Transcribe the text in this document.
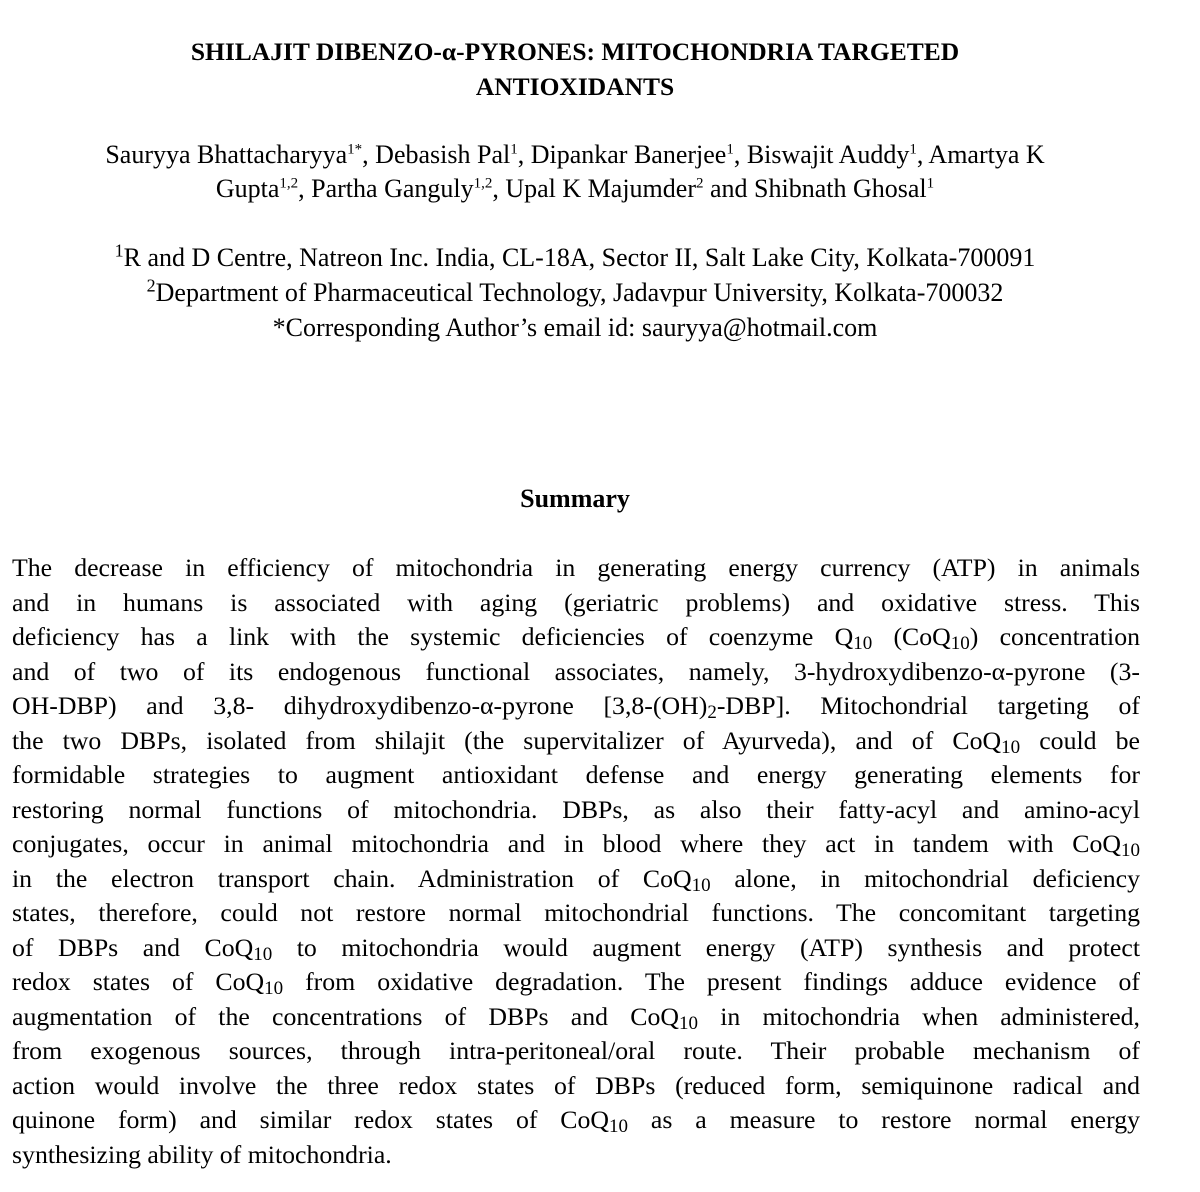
SHILAJIT DIBENZO-α-PYRONES: MITOCHONDRIA TARGETED
ANTIOXIDANTS
Sauryya Bhattacharyya$^{1*}$, Debasish Pal$^1$, Dipankar Banerjee$^1$, Biswajit Auddy$^1$, Amartya K
Gupta$^{1,2}$, Partha Ganguly$^{1,2}$, Upal K Majumder$^2$ and Shibnath Ghosal$^1$
$^1$R and D Centre, Natreon Inc. India, CL-18A, Sector II, Salt Lake City, Kolkata-700091
$^2$Department of Pharmaceutical Technology, Jadavpur University, Kolkata-700032
*Corresponding Author’s email id: sauryya@hotmail.com
Summary
The decrease in efficiency of mitochondria in generating energy currency (ATP) in animals
and in humans is associated with aging (geriatric problems) and oxidative stress. This
deficiency has a link with the systemic deficiencies of coenzyme $Q_{10}$ (CoQ$_{10}$) concentration
and of two of its endogenous functional associates, namely, 3-hydroxydibenzo-α-pyrone (3-
OH-DBP) and 3,8- dihydroxydibenzo-α-pyrone $[3,8-(OH)_2-DBP]$. Mitochondrial targeting of
the two DBPs, isolated from shilajit (the supervitalizer of Ayurveda), and of CoQ$_{10}$ could be
formidable strategies to augment antioxidant defense and energy generating elements for
restoring normal functions of mitochondria. DBPs, as also their fatty-acyl and amino-acyl
conjugates, occur in animal mitochondria and in blood where they act in tandem with CoQ$_{10}$
in the electron transport chain. Administration of CoQ$_{10}$ alone, in mitochondrial deficiency
states, therefore, could not restore normal mitochondrial functions. The concomitant targeting
of DBPs and CoQ$_{10}$ to mitochondria would augment energy (ATP) synthesis and protect
redox states of CoQ$_{10}$ from oxidative degradation. The present findings adduce evidence of
augmentation of the concentrations of DBPs and CoQ$_{10}$ in mitochondria when administered,
from exogenous sources, through intra-peritoneal/oral route. Their probable mechanism of
action would involve the three redox states of DBPs (reduced form, semiquinone radical and
quinone form) and similar redox states of CoQ$_{10}$ as a measure to restore normal energy
synthesizing ability of mitochondria.
